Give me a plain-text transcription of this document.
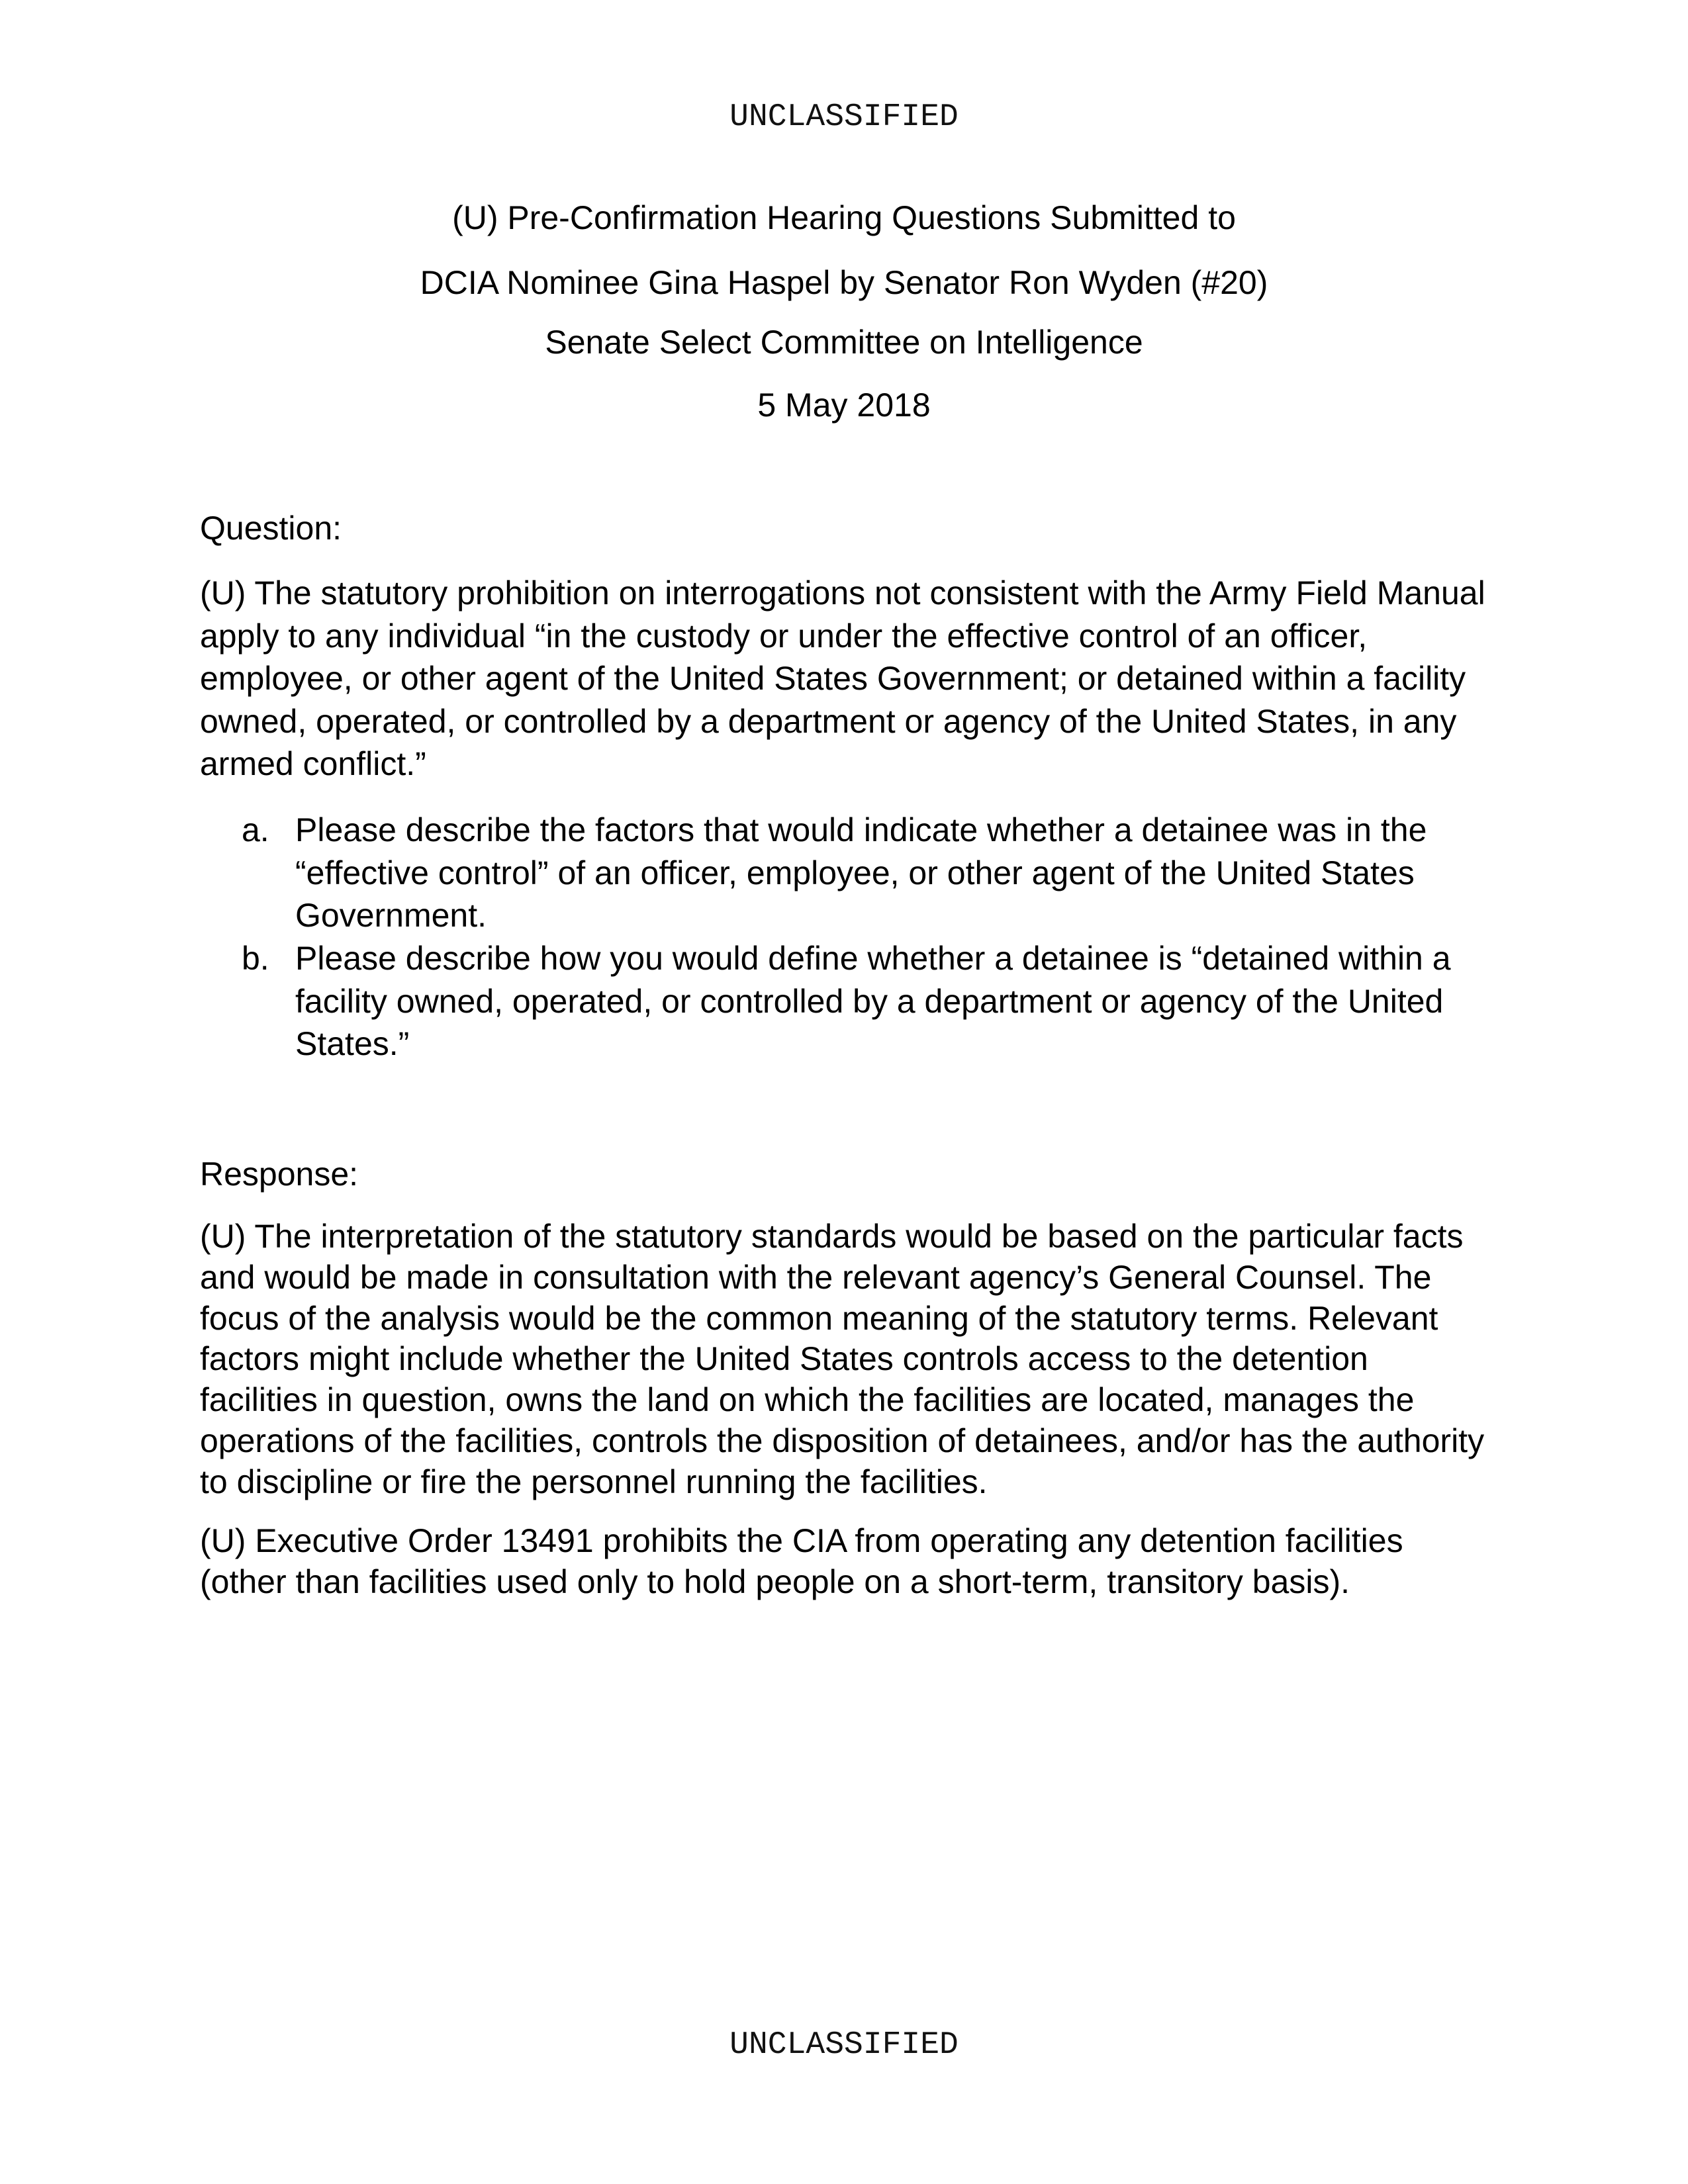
UNCLASSIFIED
(U) Pre-Confirmation Hearing Questions Submitted to
DCIA Nominee Gina Haspel by Senator Ron Wyden (#20)
Senate Select Committee on Intelligence
5 May 2018
Question:
(U) The statutory prohibition on interrogations not consistent with the Army Field Manual
apply to any individual “in the custody or under the effective control of an officer,
employee, or other agent of the United States Government; or detained within a facility
owned, operated, or controlled by a department or agency of the United States, in any
armed conflict.”
a. Please describe the factors that would indicate whether a detainee was in the
“effective control” of an officer, employee, or other agent of the United States
Government.
b. Please describe how you would define whether a detainee is “detained within a
facility owned, operated, or controlled by a department or agency of the United
States.”
Response:
(U) The interpretation of the statutory standards would be based on the particular facts
and would be made in consultation with the relevant agency’s General Counsel. The
focus of the analysis would be the common meaning of the statutory terms. Relevant
factors might include whether the United States controls access to the detention
facilities in question, owns the land on which the facilities are located, manages the
operations of the facilities, controls the disposition of detainees, and/or has the authority
to discipline or fire the personnel running the facilities.
(U) Executive Order 13491 prohibits the CIA from operating any detention facilities
(other than facilities used only to hold people on a short-term, transitory basis).
UNCLASSIFIED
